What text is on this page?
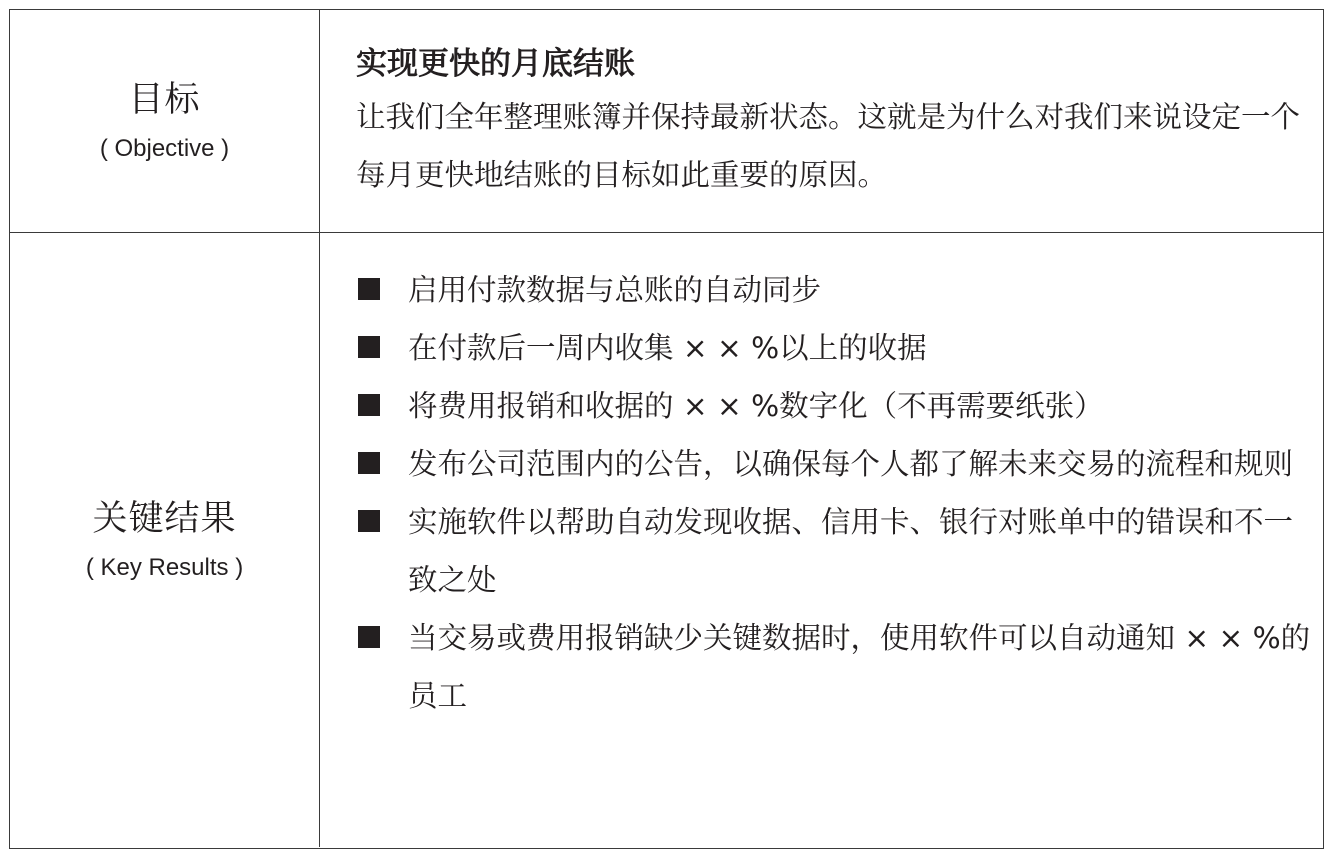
目标
( Objective )
实现更快的月底结账
让我们全年整理账簿并保持最新状态。这就是为什么对我们来说设定一个每月更快地结账的目标如此重要的原因。
关键结果
( Key Results )
启用付款数据与总账的自动同步
在付款后一周内收集 × × %以上的收据
将费用报销和收据的 × × %数字化（不再需要纸张）
发布公司范围内的公告，以确保每个人都了解未来交易的流程和规则
实施软件以帮助自动发现收据、信用卡、银行对账单中的错误和不一致之处
当交易或费用报销缺少关键数据时，使用软件可以自动通知 × × %的员工
